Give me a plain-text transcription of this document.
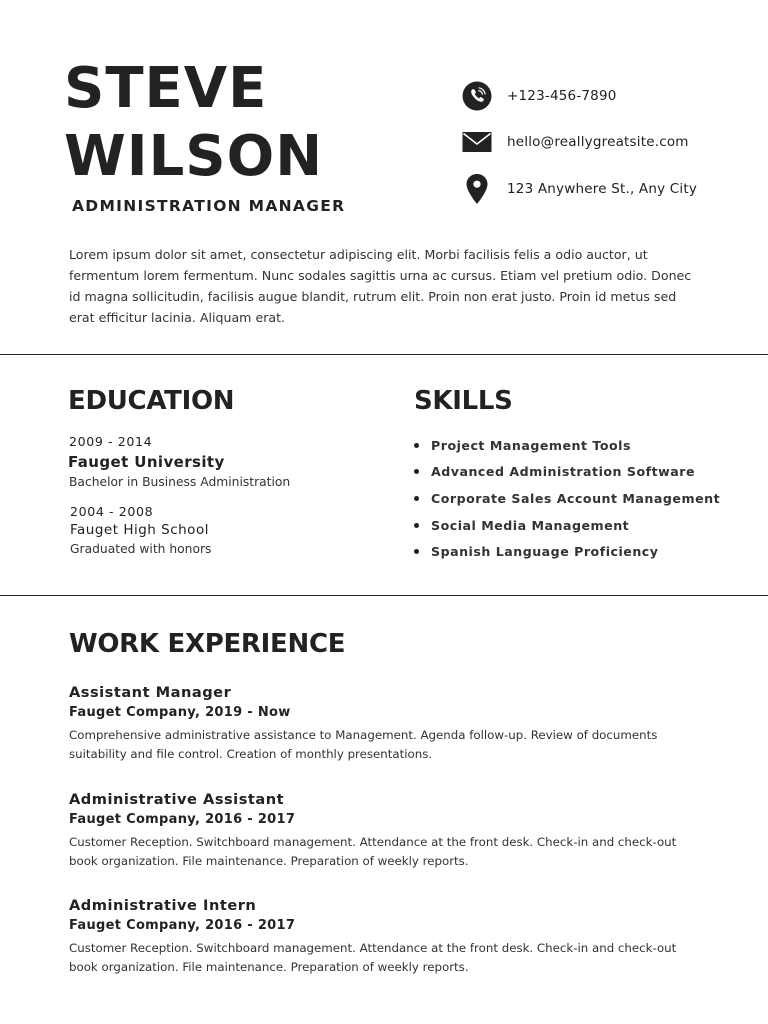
STEVE
WILSON
ADMINISTRATION MANAGER
+123-456-7890
hello@reallygreatsite.com
123 Anywhere St., Any City
Lorem ipsum dolor sit amet, consectetur adipiscing elit. Morbi facilisis felis a odio auctor, ut fermentum lorem fermentum. Nunc sodales sagittis urna ac cursus. Etiam vel pretium odio. Donec id magna sollicitudin, facilisis augue blandit, rutrum elit. Proin non erat justo. Proin id metus sed erat efficitur lacinia. Aliquam erat.
EDUCATION
2009 - 2014
Fauget University
Bachelor in Business Administration
2004 - 2008
Fauget High School
Graduated with honors
SKILLS
Project Management Tools
Advanced Administration Software
Corporate Sales Account Management
Social Media Management
Spanish Language Proficiency
WORK EXPERIENCE
Assistant Manager
Fauget Company, 2019 - Now
Comprehensive administrative assistance to Management. Agenda follow-up. Review of documents suitability and file control. Creation of monthly presentations.
Administrative Assistant
Fauget Company, 2016 - 2017
Customer Reception. Switchboard management. Attendance at the front desk. Check-in and check-out book organization. File maintenance. Preparation of weekly reports.
Administrative Intern
Fauget Company, 2016 - 2017
Customer Reception. Switchboard management. Attendance at the front desk. Check-in and check-out book organization. File maintenance. Preparation of weekly reports.
